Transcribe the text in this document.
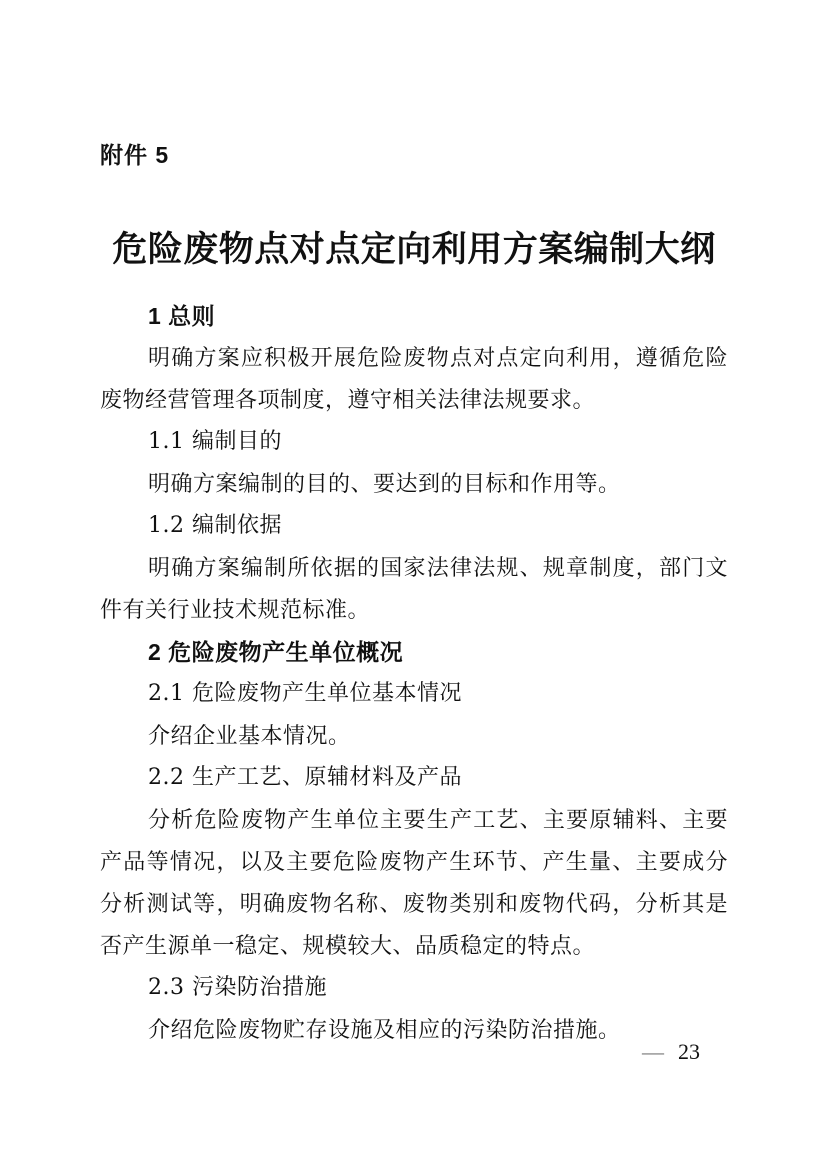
附件 5
危险废物点对点定向利用方案编制大纲

1 总则

明确方案应积极开展危险废物点对点定向利用，遵循危险废物经营管理各项制度，遵守相关法律法规要求。

1.1 编制目的

明确方案编制的目的、要达到的目标和作用等。

1.2 编制依据

明确方案编制所依据的国家法律法规、规章制度，部门文件有关行业技术规范标准。

2 危险废物产生单位概况

2.1 危险废物产生单位基本情况

介绍企业基本情况。

2.2 生产工艺、原辅材料及产品

分析危险废物产生单位主要生产工艺、主要原辅料、主要产品等情况，以及主要危险废物产生环节、产生量、主要成分分析测试等，明确废物名称、废物类别和废物代码，分析其是否产生源单一稳定、规模较大、品质稳定的特点。

2.3 污染防治措施

介绍危险废物贮存设施及相应的污染防治措施。

— 23
